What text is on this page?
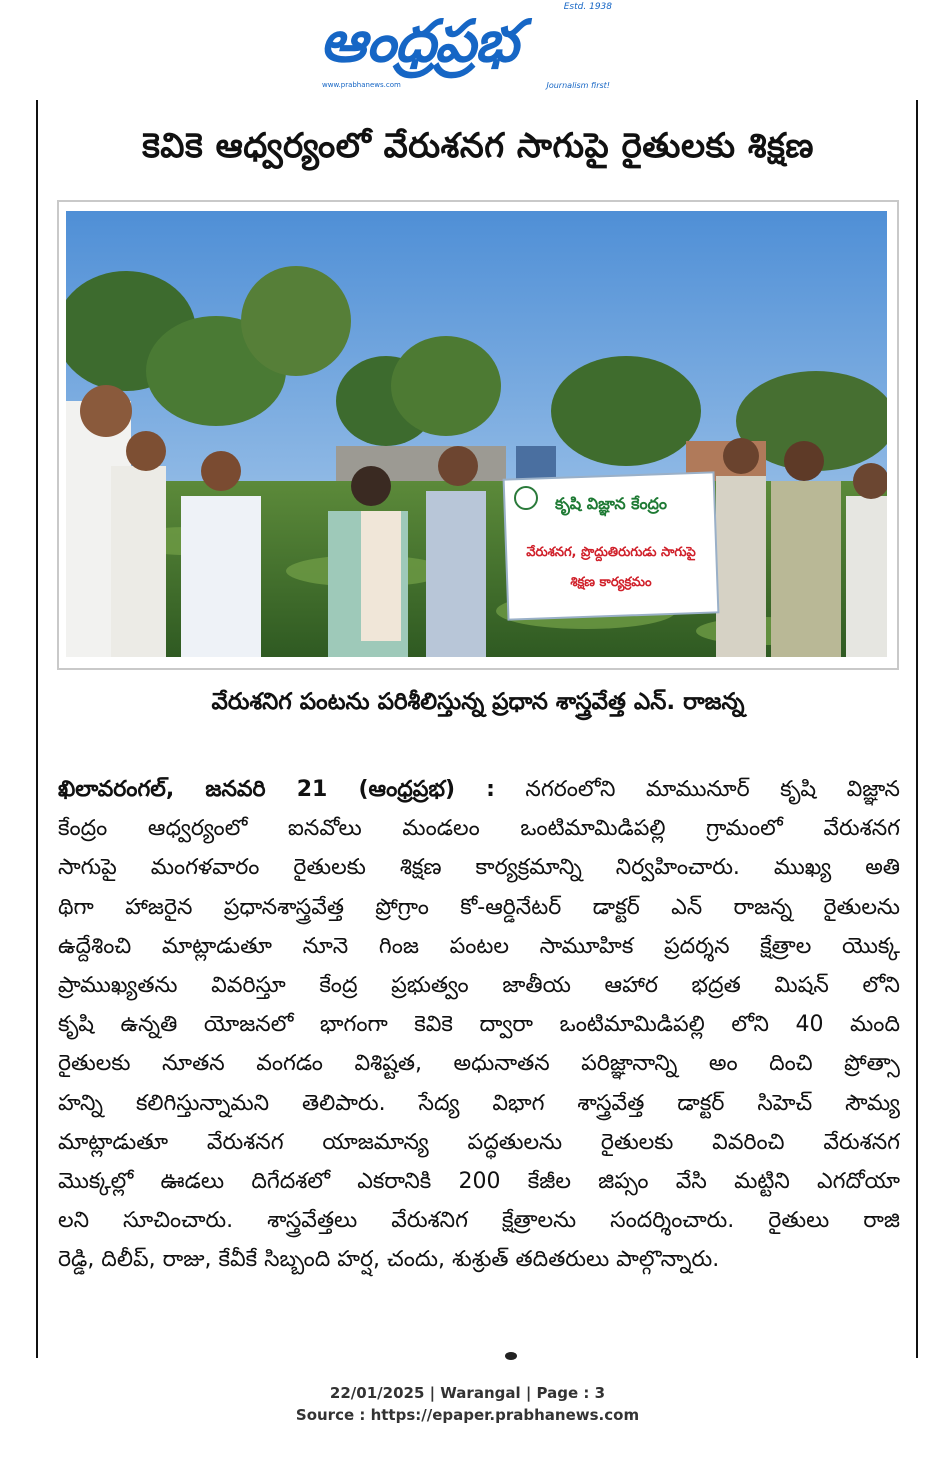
Estd. 1938
ఆంధ్రప్రభ
www.prabhanews.com	Journalism first!
కెవికె ఆధ్వర్యంలో వేరుశనగ సాగుపై రైతులకు శిక్షణ
కృషి విజ్ఞాన కేంద్రం
వేరుశనగ, ప్రొద్దుతిరుగుడు సాగుపై
శిక్షణ కార్యక్రమం
వేరుశనిగ పంటను పరిశీలిస్తున్న ప్రధాన శాస్త్రవేత్త ఎన్. రాజన్న
ఖిలావరంగల్, జనవరి 21 (ఆంధ్రప్రభ) : నగరంలోని మామునూర్ కృషి విజ్ఞాన
కేంద్రం ఆధ్వర్యంలో ఐనవోలు మండలం ఒంటిమామిడిపల్లి గ్రామంలో వేరుశనగ
సాగుపై మంగళవారం రైతులకు శిక్షణ కార్యక్రమాన్ని నిర్వహించారు. ముఖ్య అతి
థిగా హాజరైన ప్రధానశాస్త్రవేత్త ప్రోగ్రాం కో-ఆర్డినేటర్ డాక్టర్ ఎన్ రాజన్న రైతులను
ఉద్దేశించి మాట్లాడుతూ నూనె గింజ పంటల సామూహిక ప్రదర్శన క్షేత్రాల యొక్క
ప్రాముఖ్యతను వివరిస్తూ కేంద్ర ప్రభుత్వం జాతీయ ఆహార భద్రత మిషన్ లోని
కృషి ఉన్నతి యోజనలో భాగంగా కెవికె ద్వారా ఒంటిమామిడిపల్లి లోని 40 మంది
రైతులకు నూతన వంగడం విశిష్టత, అధునాతన పరిజ్ఞానాన్ని అం దించి ప్రోత్సా
హన్ని కలిగిస్తున్నామని తెలిపారు. సేద్య విభాగ శాస్త్రవేత్త డాక్టర్ సిహెచ్ సౌమ్య
మాట్లాడుతూ వేరుశనగ యాజమాన్య పద్ధతులను రైతులకు వివరించి వేరుశనగ
మొక్కల్లో ఊడలు దిగేదశలో ఎకరానికి 200 కేజీల జిప్సం వేసి మట్టిని ఎగదోయా
లని సూచించారు. శాస్త్రవేత్తలు వేరుశనిగ క్షేత్రాలను సందర్శించారు. రైతులు రాజి
రెడ్డి, దిలీప్, రాజు, కేవీకే సిబ్బంది హర్ష, చందు, శుశ్రుత్ తదితరులు పాల్గొన్నారు.
22/01/2025 | Warangal | Page : 3
Source : https://epaper.prabhanews.com
